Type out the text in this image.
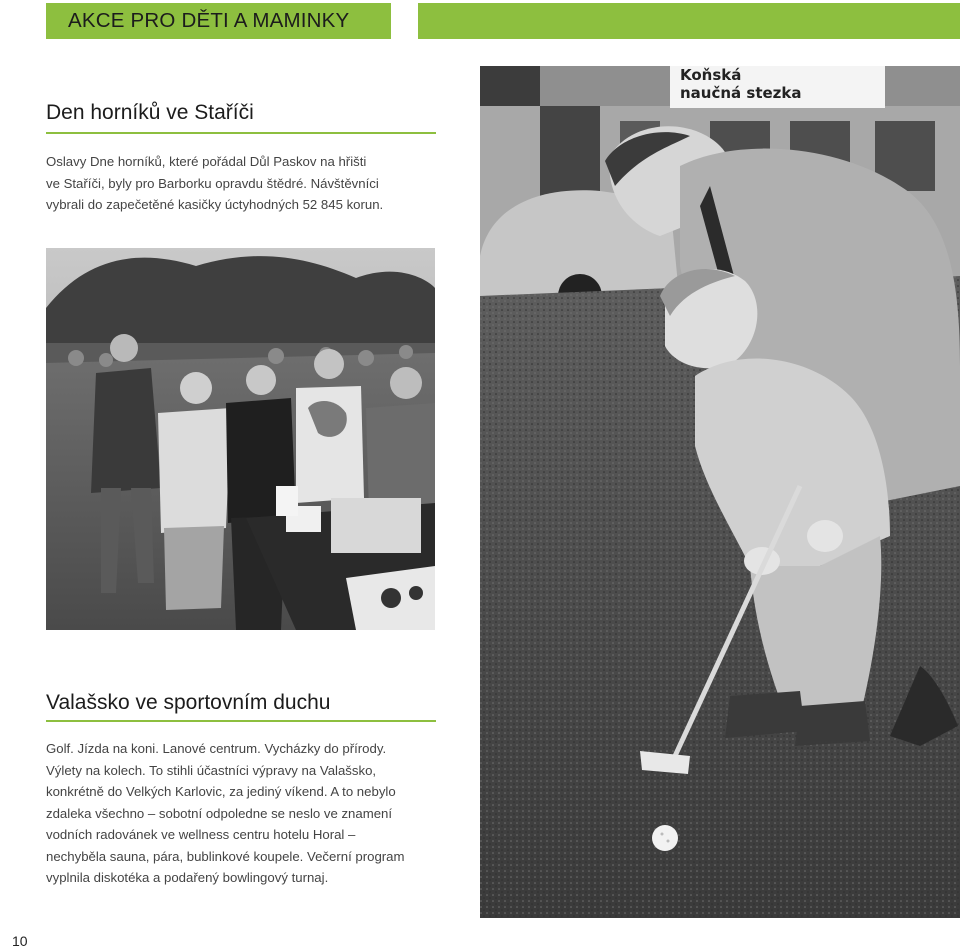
AKCE PRO DĚTI A MAMINKY
Den horníků ve Staříči

Oslavy Dne horníků, které pořádal Důl Paskov na hřišti

ve Staříči, byly pro Barborku opravdu štědré. Návštěvníci

vybrali do zapečetěné kasičky úctyhodných 52 845 korun.

Valašsko ve sportovním duchu

Golf. Jízda na koni. Lanové centrum. Vycházky do přírody.

Výlety na kolech. To stihli účastníci výpravy na Valašsko,

konkrétně do Velkých Karlovic, za jediný víkend. A to nebylo

zdaleka všechno – sobotní odpoledne se neslo ve znamení

vodních radovánek ve wellness centru hotelu Horal –

nechyběla sauna, pára, bublinkové koupele. Večerní program

vyplnila diskotéka a podařený bowlingový turnaj.

Koňská
naučná stezka
10
